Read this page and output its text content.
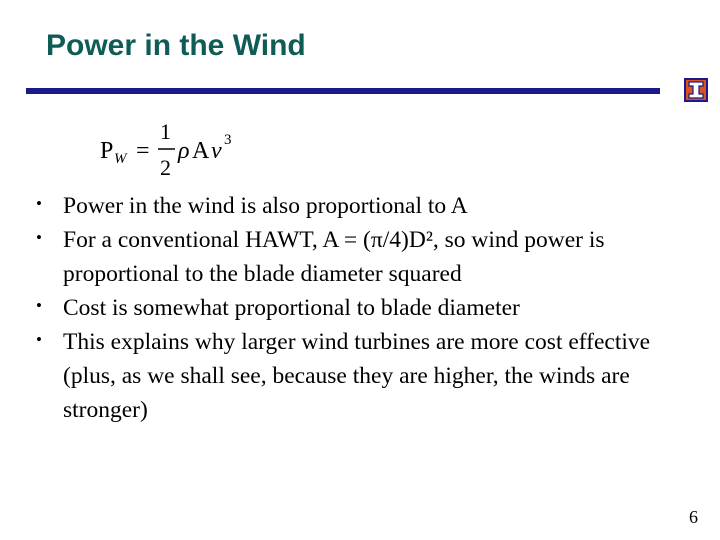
Power in the Wind
P W =
1
2
ρ A v 3
• Power in the wind is also proportional to A
• For a conventional HAWT, A = (π/4)D², so wind power is proportional to the blade diameter squared
• Cost is somewhat proportional to blade diameter
• This explains why larger wind turbines are more cost effective (plus, as we shall see, because they are higher, the winds are stronger)
6
